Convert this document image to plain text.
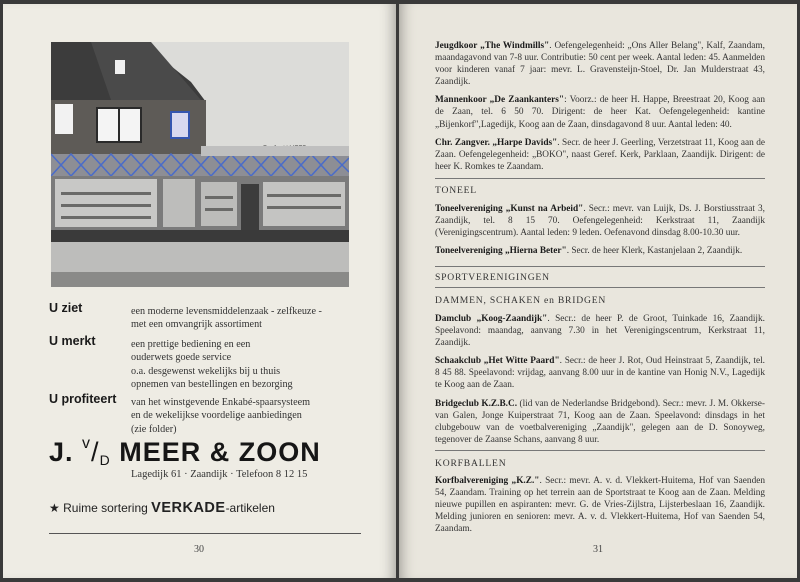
U ziet	een moderne levensmiddelenzaak - zelfkeuze -
met een omvangrijk assortiment
U merkt	een prettige bediening en een
ouderwets goede service
o.a. desgewenst wekelijks bij u thuis
opnemen van bestellingen en bezorging
U profiteert van het winstgevende Enkabé-spaarsysteem
en de wekelijkse voordelige aanbiedingen
(zie folder)
J. $^v$/D MEER & ZOON
Lagedijk 61 · Zaandijk · Telefoon 8 12 15
★ Ruime sortering VERKADE-artikelen
30

Jeugdkoor „The Windmills". Oefengelegenheid: „Ons Aller Belang", Kalf, Zaandam, maandagavond van 7-8 uur. Contributie: 50 cent per week. Aantal leden: 45. Aanmelden voor kinderen vanaf 7 jaar: mevr. L. Gravensteijn-Stoel, Dr. Jan Mulderstraat 43, Zaandijk.

Mannenkoor „De Zaankanters": Voorz.: de heer H. Happe, Breestraat 20, Koog aan de Zaan, tel. 6 50 70. Dirigent: de heer Kat. Oefengelegenheid: kantine „Bijenkorf",Lagedijk, Koog aan de Zaan, dinsdagavond 8 uur. Aantal leden: 40.

Chr. Zangver. „Harpe Davids". Secr. de heer J. Geerling, Verzetstraat 11, Koog aan de Zaan. Oefengelegenheid: „BOKO", naast Geref. Kerk, Parklaan, Zaandijk. Dirigent: de heer K. Romkes te Zaandam.

TONEEL

Toneelvereniging „Kunst na Arbeid". Secr.: mevr. van Luijk, Ds. J. Borstiusstraat 3, Zaandijk, tel. 8 15 70. Oefengelegenheid: Kerkstraat 11, Zaandijk (Verenigingscentrum). Aantal leden: 9 leden. Oefenavond dinsdag 8.00-10.30 uur.

Toneelvereniging „Hierna Beter". Secr. de heer Klerk, Kastanjelaan 2, Zaandijk.

SPORTVERENIGINGEN
DAMMEN, SCHAKEN en BRIDGEN

Damclub „Koog-Zaandijk". Secr.: de heer P. de Groot, Tuinkade 16, Zaandijk. Speelavond: maandag, aanvang 7.30 in het Verenigingscentrum, Kerkstraat 11, Zaandijk.

Schaakclub „Het Witte Paard". Secr.: de heer J. Rot, Oud Heinstraat 5, Zaandijk, tel. 8 45 88. Speelavond: vrijdag, aanvang 8.00 uur in de kantine van Honig N.V., Lagedijk te Koog aan de Zaan.

Bridgeclub K.Z.B.C. (lid van de Nederlandse Bridgebond). Secr.: mevr. J. M. Okkerse-van Galen, Jonge Kuiperstraat 71, Koog aan de Zaan. Speelavond: dinsdags in het clubgebouw van de voetbalvereniging „Zaandijk", gelegen aan de D. Sonoyweg, tegenover de Zaanse Schans, aanvang 8 uur.

KORFBALLEN

Korfbalvereniging „K.Z.". Secr.: mevr. A. v. d. Vlekkert-Huitema, Hof van Saenden 54, Zaandam. Training op het terrein aan de Sportstraat te Koog aan de Zaan. Melding nieuwe pupillen en aspiranten: mevr. G. de Vries-Zijlstra, Lijsterbeslaan 16, Zaandijk. Melding junioren en senioren: mevr. A. v. d. Vlekkert-Huitema, Hof van Saenden 54, Zaandam.

31
